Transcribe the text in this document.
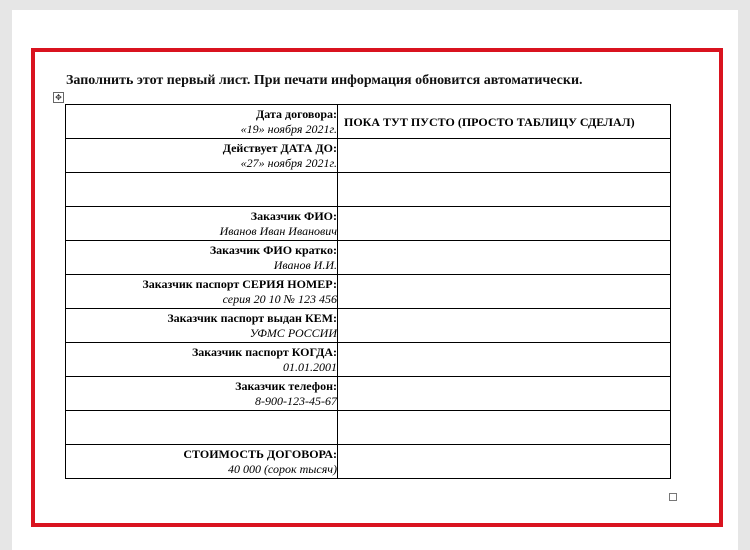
Заполнить этот первый лист. При печати информация обновится автоматически.
✥
Дата договора:
«19» ноября 2021г.	ПОКА ТУТ ПУСТО (ПРОСТО ТАБЛИЦУ СДЕЛАЛ)

Действует ДАТА ДО:
«27» ноября 2021г.	

Заказчик ФИО:
Иванов Иван Иванович	

Заказчик ФИО кратко:
Иванов И.И.	

Заказчик паспорт СЕРИЯ НОМЕР:
серия 20 10 № 123 456	

Заказчик паспорт выдан КЕМ:
УФМС РОССИИ	

Заказчик паспорт КОГДА:
01.01.2001	

Заказчик телефон:
8-900-123-45-67	

СТОИМОСТЬ ДОГОВОРА:
40 000 (сорок тысяч)	
